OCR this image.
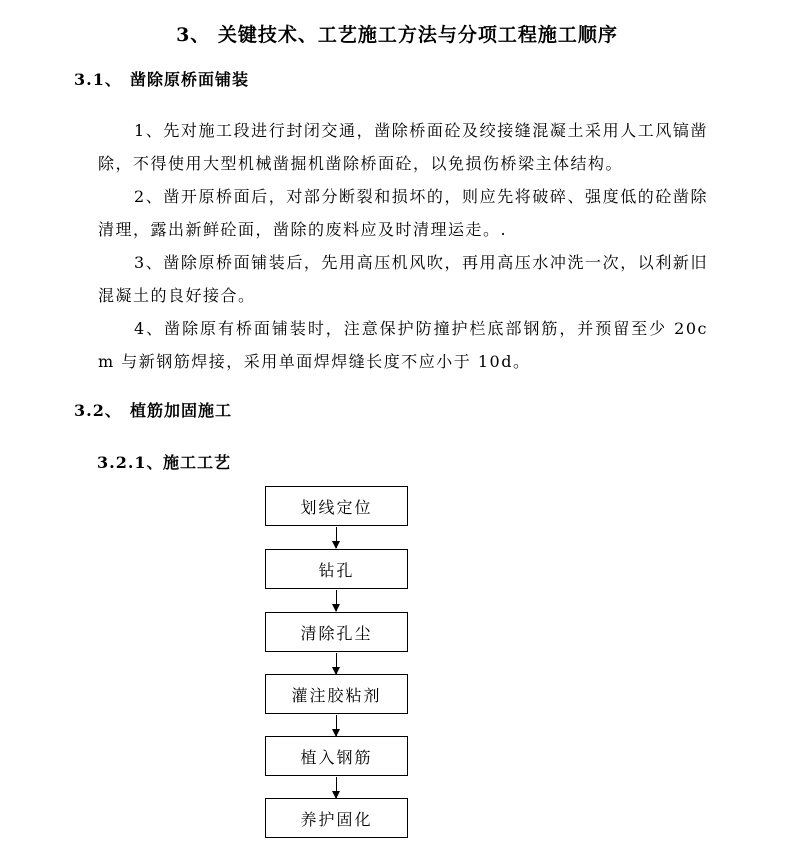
3、 关键技术、工艺施工方法与分项工程施工顺序
3.1、 凿除原桥面铺装
1、先对施工段进行封闭交通，凿除桥面砼及绞接缝混凝土采用人工风镐凿除，不得使用大型机械凿掘机凿除桥面砼，以免损伤桥梁主体结构。
2、凿开原桥面后，对部分断裂和损坏的，则应先将破碎、强度低的砼凿除清理，露出新鲜砼面，凿除的废料应及时清理运走。.
3、凿除原桥面铺装后，先用高压机风吹，再用高压水冲洗一次，以利新旧混凝土的良好接合。
4、凿除原有桥面铺装时，注意保护防撞护栏底部钢筋，并预留至少 20cm 与新钢筋焊接，采用单面焊焊缝长度不应小于 10d。
3.2、 植筋加固施工
3.2.1、施工工艺
划线定位
钻孔
清除孔尘
灌注胶粘剂
植入钢筋
养护固化
